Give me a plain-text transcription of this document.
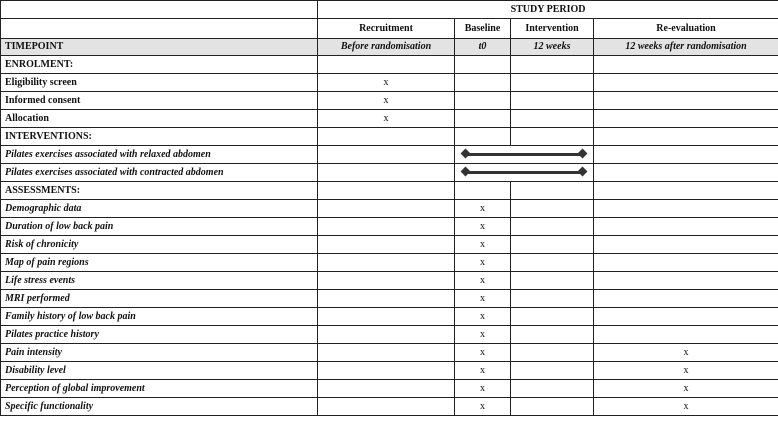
	STUDY PERIOD			
	Recruitment	Baseline	Intervention	Re-evaluation
TIMEPOINT	Before randomisation	t0	12 weeks	12 weeks after randomisation
ENROLMENT:				
Eligibility screen	x			
Informed consent	x			
Allocation	x			
INTERVENTIONS:				
Pilates exercises associated with relaxed abdomen			

Pilates exercises associated with contracted abdomen			

ASSESSMENTS:				
Demographic data		x		
Duration of low back pain		x		
Risk of chronicity		x		
Map of pain regions		x		
Life stress events		x		
MRI performed		x		
Family history of low back pain		x		
Pilates practice history		x		
Pain intensity		x		x
Disability level		x		x
Perception of global improvement		x		x
Specific functionality		x		x
